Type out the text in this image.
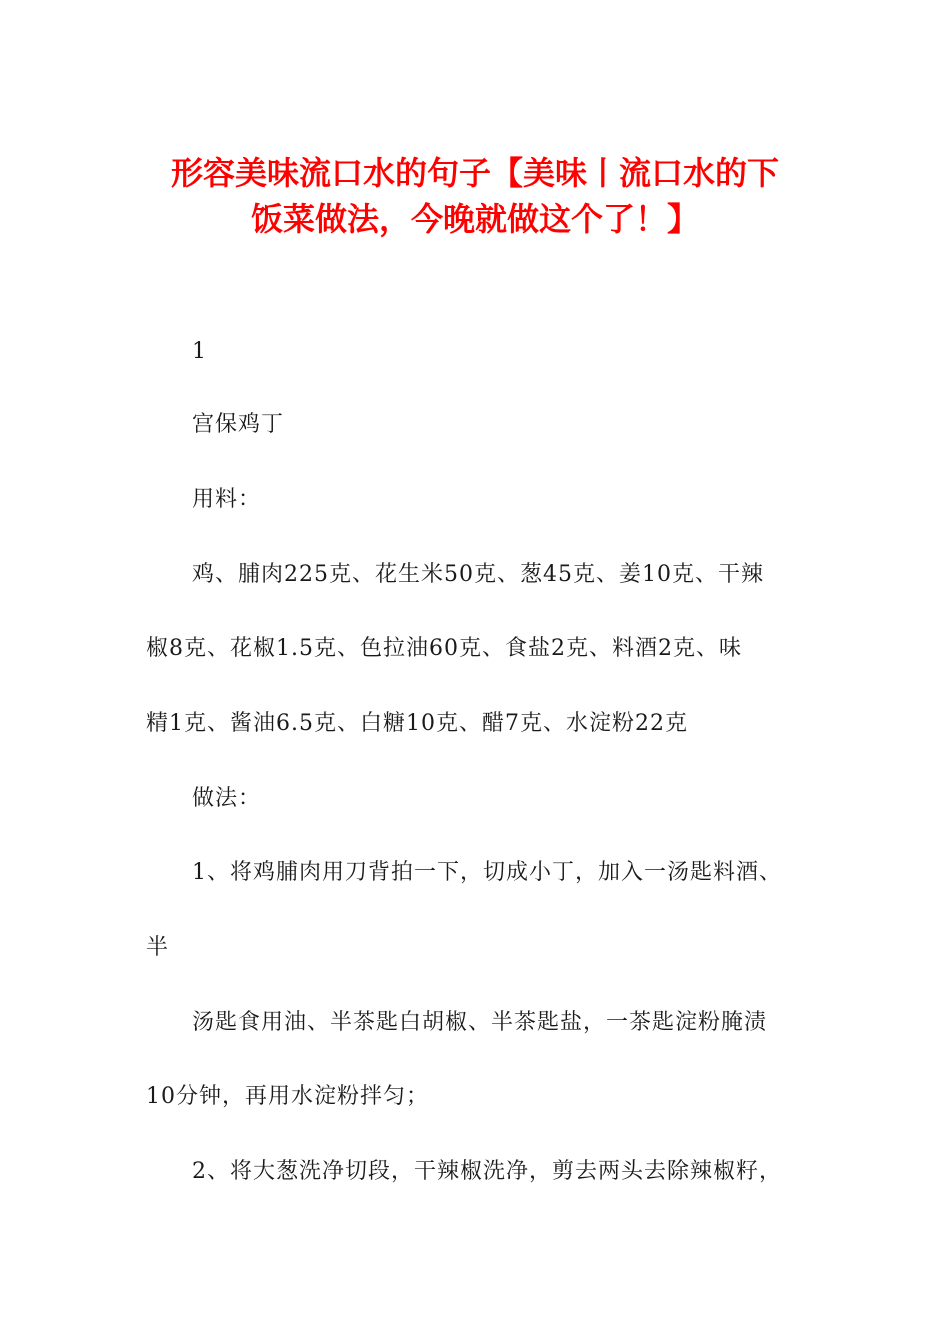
形容美味流口水的句子【美味丨流口水的下
饭菜做法，今晚就做这个了！】
1
宫保鸡丁
用料：
鸡、脯肉225克、花生米50克、葱45克、姜10克、干辣
椒8克、花椒1.5克、色拉油60克、食盐2克、料酒2克、味
精1克、酱油6.5克、白糖10克、醋7克、水淀粉22克
做法：
1、将鸡脯肉用刀背拍一下，切成小丁，加入一汤匙料酒、
半
汤匙食用油、半茶匙白胡椒、半茶匙盐，一茶匙淀粉腌渍
10分钟，再用水淀粉拌匀；
2、将大葱洗净切段，干辣椒洗净，剪去两头去除辣椒籽，
